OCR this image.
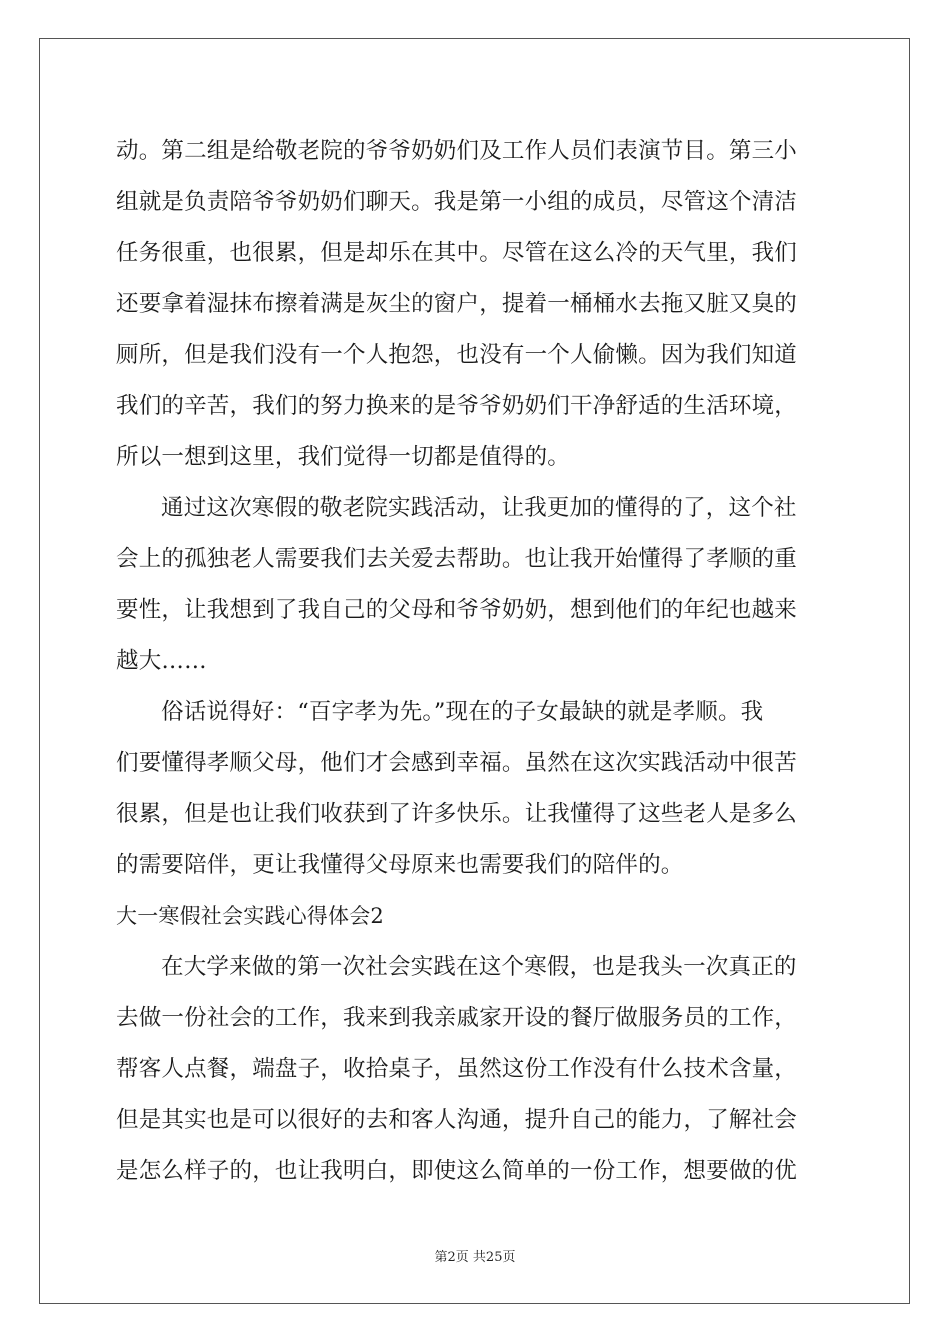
动。第二组是给敬老院的爷爷奶奶们及工作人员们表演节目。第三小
组就是负责陪爷爷奶奶们聊天。我是第一小组的成员，尽管这个清洁
任务很重，也很累，但是却乐在其中。尽管在这么冷的天气里，我们
还要拿着湿抹布擦着满是灰尘的窗户，提着一桶桶水去拖又脏又臭的
厕所，但是我们没有一个人抱怨，也没有一个人偷懒。因为我们知道
我们的辛苦，我们的努力换来的是爷爷奶奶们干净舒适的生活环境，
所以一想到这里，我们觉得一切都是值得的。
通过这次寒假的敬老院实践活动，让我更加的懂得的了，这个社
会上的孤独老人需要我们去关爱去帮助。也让我开始懂得了孝顺的重
要性，让我想到了我自己的父母和爷爷奶奶，想到他们的年纪也越来
越大……
俗话说得好：“百字孝为先。”现在的子女最缺的就是孝顺。我
们要懂得孝顺父母，他们才会感到幸福。虽然在这次实践活动中很苦
很累，但是也让我们收获到了许多快乐。让我懂得了这些老人是多么
的需要陪伴，更让我懂得父母原来也需要我们的陪伴的。
大一寒假社会实践心得体会2
在大学来做的第一次社会实践在这个寒假，也是我头一次真正的
去做一份社会的工作，我来到我亲戚家开设的餐厅做服务员的工作，
帮客人点餐，端盘子，收拾桌子，虽然这份工作没有什么技术含量，
但是其实也是可以很好的去和客人沟通，提升自己的能力，了解社会
是怎么样子的，也让我明白，即使这么简单的一份工作，想要做的优
第2页 共25页
